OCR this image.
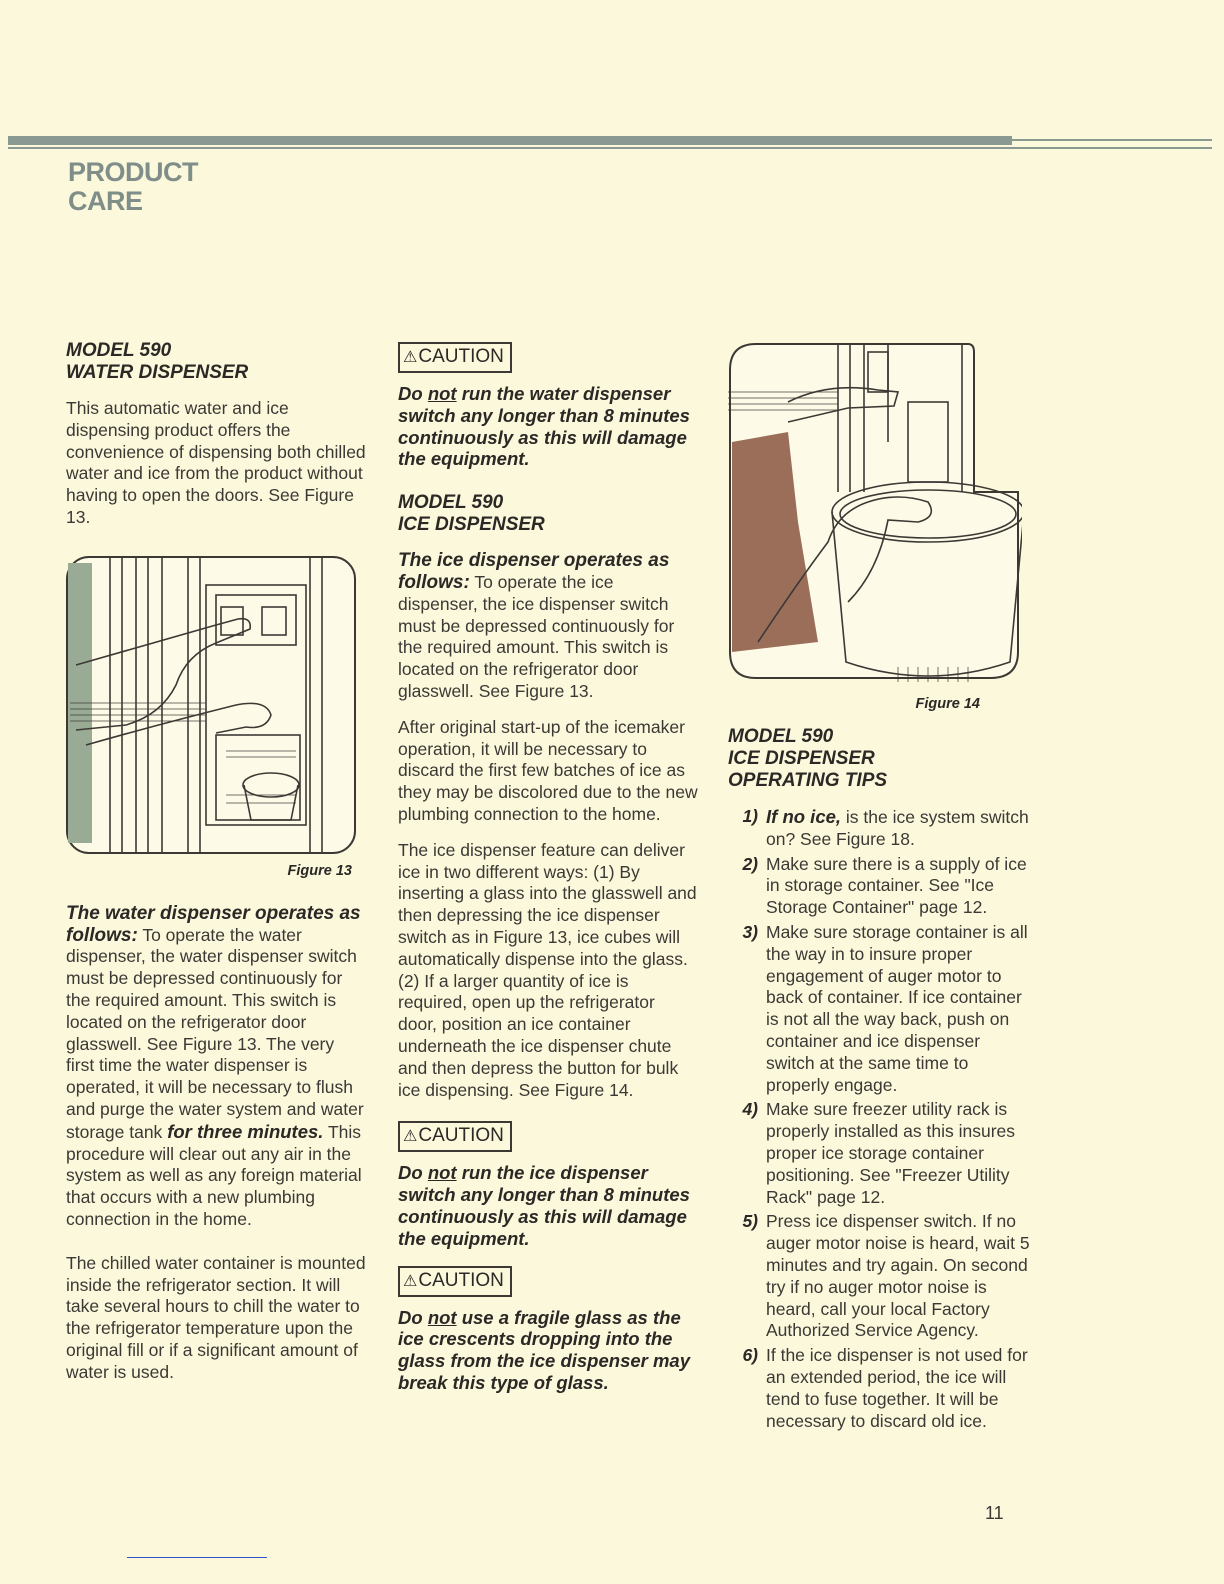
PRODUCT
CARE
MODEL 590
WATER DISPENSER

This automatic water and ice dispensing product offers the convenience of dispensing both chilled water and ice from the product without having to open the doors. See Figure 13.

Figure 13

The water dispenser operates as follows: To operate the water dispenser, the water dispenser switch must be depressed continuously for the required amount. This switch is located on the refrigerator door glasswell. See Figure 13. The very first time the water dispenser is operated, it will be necessary to flush and purge the water system and water storage tank for three minutes. This procedure will clear out any air in the system as well as any foreign material that occurs with a new plumbing connection in the home.

The chilled water container is mounted inside the refrigerator section. It will take several hours to chill the water to the refrigerator temperature upon the original fill or if a significant amount of water is used.

⚠CAUTION

Do not run the water dispenser switch any longer than 8 minutes continuously as this will damage the equipment.

MODEL 590
ICE DISPENSER

The ice dispenser operates as follows: To operate the ice dispenser, the ice dispenser switch must be depressed continuously for the required amount. This switch is located on the refrigerator door glasswell. See Figure 13.

After original start-up of the icemaker operation, it will be necessary to discard the first few batches of ice as they may be discolored due to the new plumbing connection to the home.

The ice dispenser feature can deliver ice in two different ways: (1) By inserting a glass into the glasswell and then depressing the ice dispenser switch as in Figure 13, ice cubes will automatically dispense into the glass. (2) If a larger quantity of ice is required, open up the refrigerator door, position an ice container underneath the ice dispenser chute and then depress the button for bulk ice dispensing. See Figure 14.

⚠CAUTION

Do not run the ice dispenser switch any longer than 8 minutes continuously as this will damage the equipment.

⚠CAUTION

Do not use a fragile glass as the ice crescents dropping into the glass from the ice dispenser may break this type of glass.

Figure 14
MODEL 590
ICE DISPENSER
OPERATING TIPS
1) If no ice, is the ice system switch on? See Figure 18.
2) Make sure there is a supply of ice in storage container. See "Ice Storage Container" page 12.
3) Make sure storage container is all the way in to insure proper engagement of auger motor to back of container. If ice container is not all the way back, push on container and ice dispenser switch at the same time to properly engage.
4) Make sure freezer utility rack is properly installed as this insures proper ice storage container positioning. See "Freezer Utility Rack" page 12.
5) Press ice dispenser switch. If no auger motor noise is heard, wait 5 minutes and try again. On second try if no auger motor noise is heard, call your local Factory Authorized Service Agency.
6) If the ice dispenser is not used for an extended period, the ice will tend to fuse together. It will be necessary to discard old ice.
11
